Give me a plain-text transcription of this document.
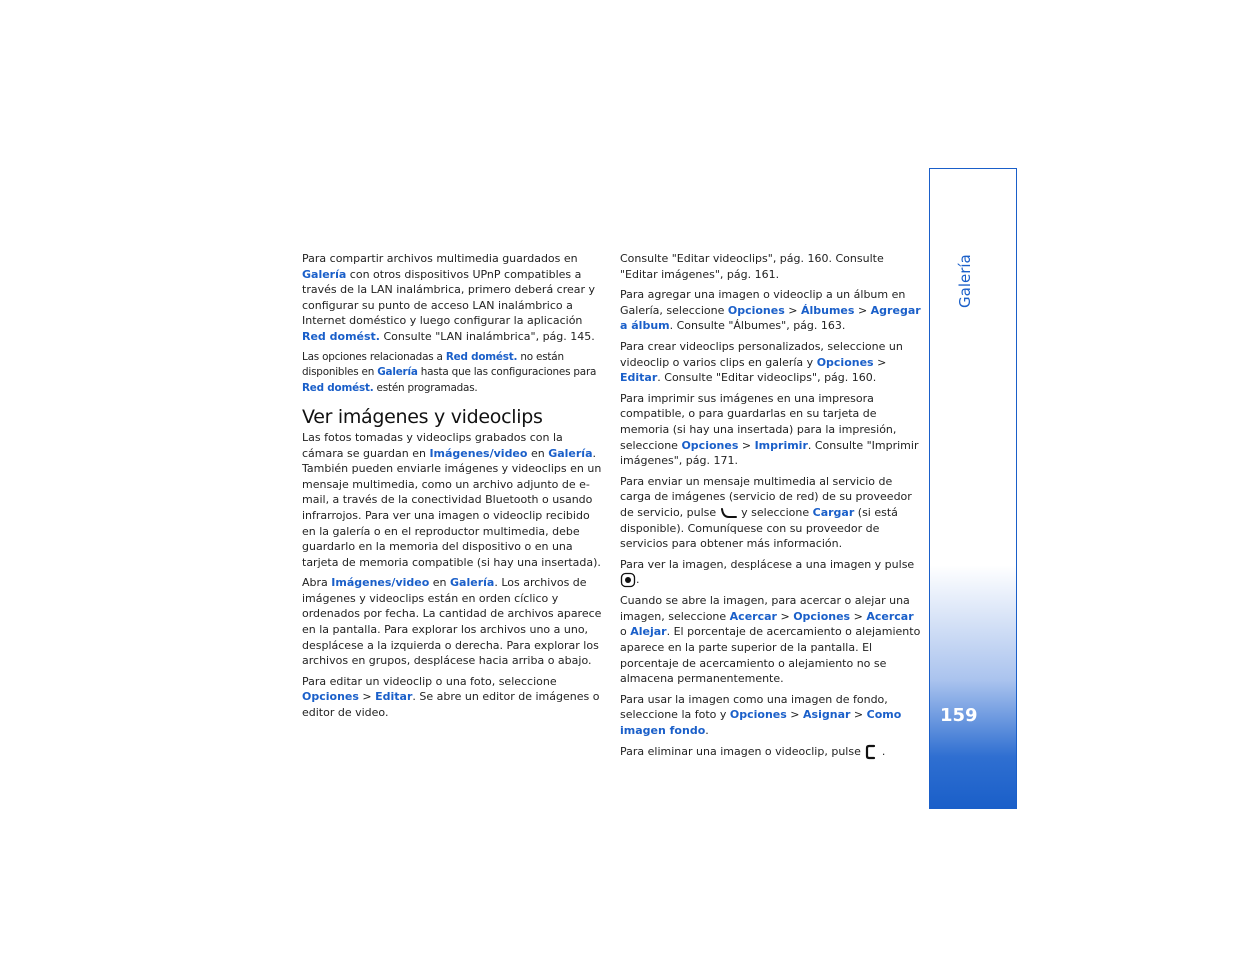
Galería
159

Para compartir archivos multimedia guardados en Galería con otros dispositivos UPnP compatibles a través de la LAN inalámbrica, primero deberá crear y configurar su punto de acceso LAN inalámbrico a Internet doméstico y luego configurar la aplicación Red domést. Consulte "LAN inalámbrica", pág. 145.

Las opciones relacionadas a Red domést. no están disponibles en Galería hasta que las configuraciones para Red domést. estén programadas.

Ver imágenes y videoclips

Las fotos tomadas y videoclips grabados con la cámara se guardan en Imágenes/video en Galería. También pueden enviarle imágenes y videoclips en un mensaje multimedia, como un archivo adjunto de e-mail, a través de la conectividad Bluetooth o usando infrarrojos. Para ver una imagen o videoclip recibido en la galería o en el reproductor multimedia, debe guardarlo en la memoria del dispositivo o en una tarjeta de memoria compatible (si hay una insertada).

Abra Imágenes/video en Galería. Los archivos de imágenes y videoclips están en orden cíclico y ordenados por fecha. La cantidad de archivos aparece en la pantalla. Para explorar los archivos uno a uno, desplácese a la izquierda o derecha. Para explorar los archivos en grupos, desplácese hacia arriba o abajo.

Para editar un videoclip o una foto, seleccione Opciones > Editar. Se abre un editor de imágenes o editor de video.

Consulte "Editar videoclips", pág. 160. Consulte "Editar imágenes", pág. 161.

Para agregar una imagen o videoclip a un álbum en Galería, seleccione Opciones > Álbumes > Agregar a álbum. Consulte "Álbumes", pág. 163.

Para crear videoclips personalizados, seleccione un videoclip o varios clips en galería y Opciones > Editar. Consulte "Editar videoclips", pág. 160.

Para imprimir sus imágenes en una impresora compatible, o para guardarlas en su tarjeta de memoria (si hay una insertada) para la impresión, seleccione Opciones > Imprimir. Consulte "Imprimir imágenes", pág. 171.

Para enviar un mensaje multimedia al servicio de carga de imágenes (servicio de red) de su proveedor de servicio, pulse  y seleccione Cargar (si está disponible). Comuníquese con su proveedor de servicios para obtener más información.

Para ver la imagen, desplácese a una imagen y pulse .

Cuando se abre la imagen, para acercar o alejar una imagen, seleccione Acercar > Opciones > Acercar o Alejar. El porcentaje de acercamiento o alejamiento aparece en la parte superior de la pantalla. El porcentaje de acercamiento o alejamiento no se almacena permanentemente.

Para usar la imagen como una imagen de fondo, seleccione la foto y Opciones > Asignar > Como imagen fondo.

Para eliminar una imagen o videoclip, pulse  .
